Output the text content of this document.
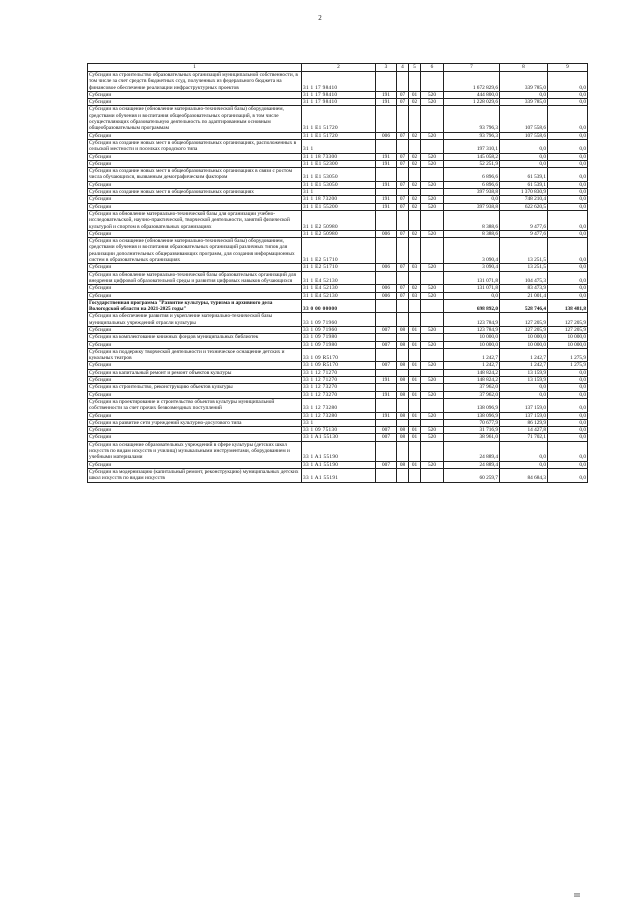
2
1	2	3	4	5	6	7	8	9
Субсидии на строительство образовательных организаций муниципальной собственности, в том числе за счет средств бюджетных ссуд, полученных из федерального бюджета на финансовое обеспечение реализации инфраструктурных проектов	31 1 17 98410					1 672 829,6	339 785,0	0,0
Субсидии	31 1 17 98410	191	07	01	520	444 800,0	0,0	0,0
Субсидии	31 1 17 98410	191	07	02	520	1 228 029,6	339 785,0	0,0
Субсидии на оснащение (обновление материально-технической базы) оборудованием, средствами обучения и воспитания общеобразовательных организаций, в том числе осуществляющих образовательную деятельность по адаптированным основным общеобразовательным программам	31 1 E1 51720					93 796,3	107 558,6	0,0
Субсидии	31 1 E1 51720	006	07	02	520	93 796,3	107 558,6	0,0
Субсидии на создание новых мест в общеобразовательных организациях, расположенных в сельской местности и поселках городского типа	31 1					197 310,1	0,0	0,0
Субсидии	31 1 18 73300	191	07	02	520	145 058,2	0,0	0,0
Субсидии	31 1 E1 52300	191	07	02	520	52 251,9	0,0	0,0
Субсидии на создание новых мест в общеобразовательных организациях в связи с ростом числа обучающихся, вызванным демографическим фактором	31 1 E1 53050					6 896,6	61 539,1	0,0
Субсидии	31 1 E1 53050	191	07	02	520	6 896,6	61 539,1	0,0
Субсидии на создание новых мест в общеобразовательных организациях	31 1					397 938,8	1 370 830,9	0,0
Субсидии	31 1 18 73200	191	07	02	520	0,0	748 210,4	0,0
Субсидии	31 1 E1 55200	191	07	02	520	397 938,8	622 620,5	0,0
Субсидии на обновление материально-технической базы для организации учебно-исследовательской, научно-практической, творческой деятельности, занятий физической культурой и спортом в образовательных организациях	31 1 E2 50980					8 388,6	9 477,6	0,0
Субсидии	31 1 E2 50980	006	07	02	520	8 388,6	9 477,6	0,0
Субсидии на оснащение (обновление материально-технической базы) оборудованием, средствами обучения и воспитания образовательных организаций различных типов для реализации дополнительных общеразвивающих программ, для создания информационных систем в образовательных организациях	31 1 E2 51710					3 090,4	13 251,5	0,0
Субсидии	31 1 E2 51710	006	07	03	520	3 090,4	13 251,5	0,0
Субсидии на обновление материально-технической базы образовательных организаций для внедрения цифровой образовательной среды и развития цифровых навыков обучающихся	31 1 E4 52130					131 071,8	104 475,3	0,0
Субсидии	31 1 E4 52130	006	07	02	520	131 071,8	83 473,9	0,0
Субсидии	31 1 E4 52130	006	07	03	520	0,0	21 001,4	0,0
Государственная программа "Развитие культуры, туризма и архивного дела Вологодской области на 2021-2025 годы"	33 0 00 00000					698 892,0	528 746,4	138 481,8
Субсидии на обеспечение развития и укрепление материально-технической базы муниципальных учреждений отрасли культуры	33 1 09 71960					123 784,9	127 205,9	127 205,9
Субсидии	33 1 09 71960	007	08	01	520	123 784,9	127 205,9	127 205,9
Субсидии на комплектование книжных фондов муниципальных библиотек	33 1 09 71980					10 000,0	10 000,0	10 000,0
Субсидии	33 1 09 71980	007	08	01	520	10 000,0	10 000,0	10 000,0
Субсидии на поддержку творческой деятельности и техническое оснащение детских и кукольных театров	33 1 09 R5170					1 242,7	1 242,7	1 275,9
Субсидии	33 1 09 R5170	007	08	01	520	1 242,7	1 242,7	1 275,9
Субсидии на капитальный ремонт и ремонт объектов культуры	33 1 12 71270					148 824,2	13 159,9	0,0
Субсидии	33 1 12 71270	191	08	01	520	148 824,2	13 159,9	0,0
Субсидии на строительство, реконструкцию объектов культуры	33 1 12 73270					37 962,0	0,0	0,0
Субсидии	33 1 12 73270	191	08	01	520	37 962,0	0,0	0,0
Субсидии на проектирование и строительство объектов культуры муниципальной собственности за счет прочих безвозмездных поступлений	33 1 12 73280					138 096,9	137 159,0	0,0
Субсидии	33 1 12 73280	191	08	01	520	138 096,9	137 159,0	0,0
Субсидии на развитие сети учреждений культурно-досугового типа	33 1					70 677,9	86 129,9	0,0
Субсидии	33 1 09 75130	007	08	01	520	31 716,9	14 427,8	0,0
Субсидии	33 1 A1 55130	007	08	01	520	38 961,0	71 702,1	0,0
Субсидии на оснащение образовательных учреждений в сфере культуры (детских школ искусств по видам искусств и училищ) музыкальными инструментами, оборудованием и учебными материалами	33 1 A1 55190					24 889,4	0,0	0,0
Субсидии	33 1 A1 55190	007	08	01	520	24 889,4	0,0	0,0
Субсидии на модернизацию (капитальный ремонт, реконструкцию) муниципальных детских школ искусств по видам искусств	33 1 A1 55191					60 259,7	84 684,3	0,0
III
